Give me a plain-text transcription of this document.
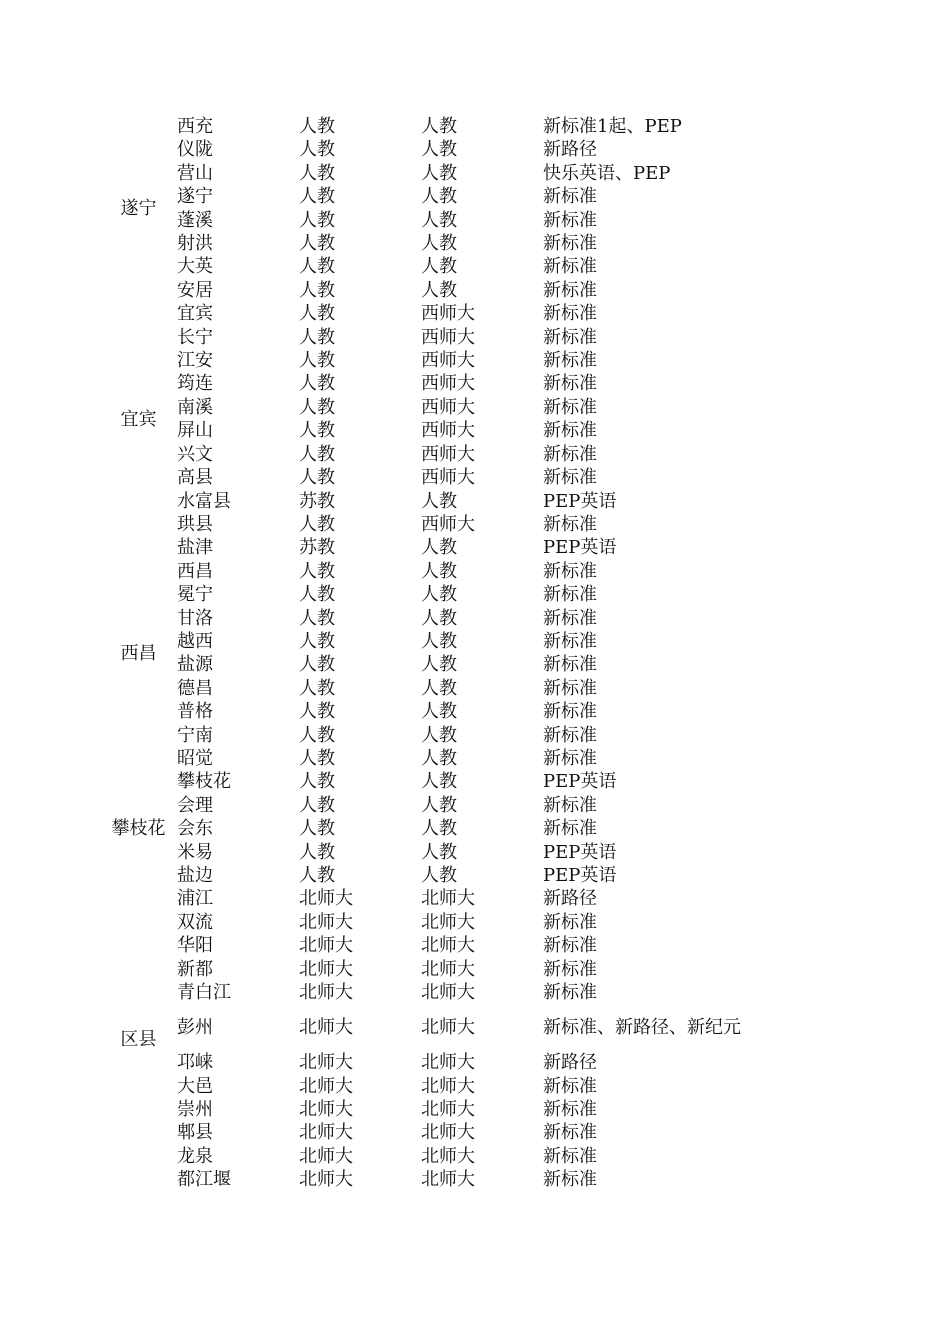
遂宁	西充	人教	人教	新标准1起、PEP
	仪陇	人教	人教	新路径
	营山	人教	人教	快乐英语、PEP
	遂宁	人教	人教	新标准
	蓬溪	人教	人教	新标准
	射洪	人教	人教	新标准
	大英	人教	人教	新标准
	安居	人教	人教	新标准
宜宾	宜宾	人教	西师大	新标准
	长宁	人教	西师大	新标准
	江安	人教	西师大	新标准
	筠连	人教	西师大	新标准
	南溪	人教	西师大	新标准
	屏山	人教	西师大	新标准
	兴文	人教	西师大	新标准
	高县	人教	西师大	新标准
	水富县	苏教	人教	PEP英语
	珙县	人教	西师大	新标准
西昌	盐津	苏教	人教	PEP英语
	西昌	人教	人教	新标准
	冕宁	人教	人教	新标准
	甘洛	人教	人教	新标准
	越西	人教	人教	新标准
	盐源	人教	人教	新标准
	德昌	人教	人教	新标准
	普格	人教	人教	新标准
	宁南	人教	人教	新标准
	昭觉	人教	人教	新标准
攀枝花	攀枝花	人教	人教	PEP英语
	会理	人教	人教	新标准
	会东	人教	人教	新标准
	米易	人教	人教	PEP英语
	盐边	人教	人教	PEP英语
区县	浦江	北师大	北师大	新路径
	双流	北师大	北师大	新标准
	华阳	北师大	北师大	新标准
	新都	北师大	北师大	新标准
	青白江	北师大	北师大	新标准
	彭州	北师大	北师大	新标准、新路径、新纪元
	邛崃	北师大	北师大	新路径
	大邑	北师大	北师大	新标准
	崇州	北师大	北师大	新标准
	郫县	北师大	北师大	新标准
	龙泉	北师大	北师大	新标准
	都江堰	北师大	北师大	新标准
